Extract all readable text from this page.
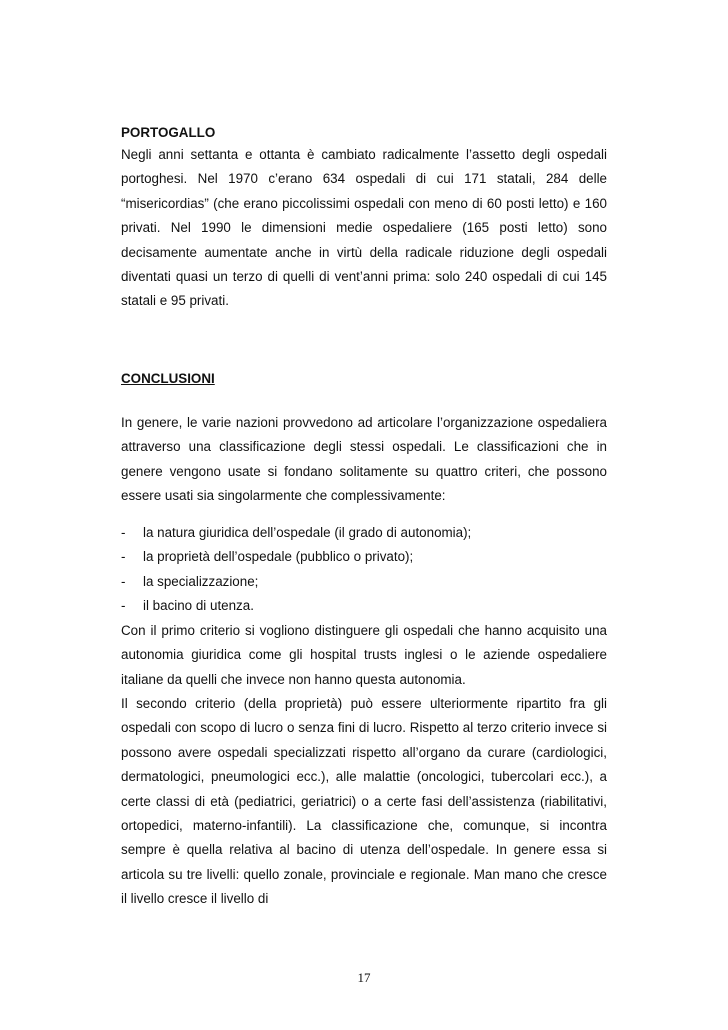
PORTOGALLO
Negli anni settanta e ottanta è cambiato radicalmente l’assetto degli ospedali portoghesi. Nel 1970 c’erano 634 ospedali di cui 171 statali, 284 delle “misericordias” (che erano piccolissimi ospedali con meno di 60 posti letto) e 160 privati. Nel 1990 le dimensioni medie ospedaliere (165 posti letto) sono decisamente aumentate anche in virtù della radicale riduzione degli ospedali diventati quasi un terzo di quelli di vent’anni prima: solo 240 ospedali di cui 145 statali e 95 privati.
CONCLUSIONI
In genere, le varie nazioni provvedono ad articolare l’organizzazione ospedaliera attraverso una classificazione degli stessi ospedali. Le classificazioni che in genere vengono usate si fondano solitamente su quattro criteri, che possono essere usati sia singolarmente che complessivamente:
- la natura giuridica dell’ospedale (il grado di autonomia);
- la proprietà dell’ospedale (pubblico o privato);
- la specializzazione;
- il bacino di utenza.
Con il primo criterio si vogliono distinguere gli ospedali che hanno acquisito una autonomia giuridica come gli hospital trusts inglesi o le aziende ospedaliere italiane da quelli che invece non hanno questa autonomia.
Il secondo criterio (della proprietà) può essere ulteriormente ripartito fra gli ospedali con scopo di lucro o senza fini di lucro. Rispetto al terzo criterio invece si possono avere ospedali specializzati rispetto all’organo da curare (cardiologici, dermatologici, pneumologici ecc.), alle malattie (oncologici, tubercolari ecc.), a certe classi di età (pediatrici, geriatrici) o a certe fasi dell’assistenza (riabilitativi, ortopedici, materno-infantili). La classificazione che, comunque, si incontra sempre è quella relativa al bacino di utenza dell’ospedale. In genere essa si articola su tre livelli: quello zonale, provinciale e regionale. Man mano che cresce il livello cresce il livello di
17
